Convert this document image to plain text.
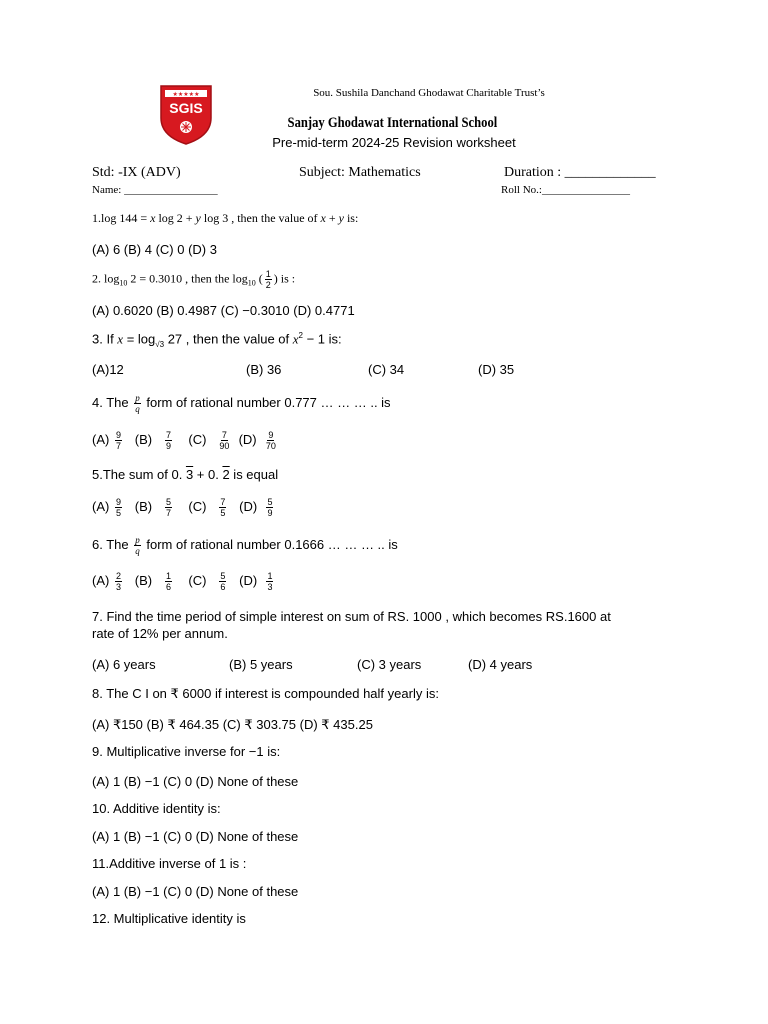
★★★★★
SGIS
Sou. Sushila Danchand Ghodawat Charitable Trust’s
Sanjay Ghodawat International School
Pre-mid-term 2024-25 Revision worksheet
Std: -IX (ADV)	Subject: Mathematics	Duration : _____________
Name: _________________	Roll No.:________________
1.log 144 = x log 2 + y log 3 , then the value of x + y is:
(A) 6 (B) 4 (C) 0 (D) 3
2. $\log_{10} 2 = 0.3010$ , then the $\log_{10}$ ( $\frac{1}{2}$ ) is :
(A) 0.6020 (B) 0.4987 (C) −0.3010 (D) 0.4771
3. If $x = \log_{√3} 27$ , then the value of $x^2 - 1$ is:
(A)12	(B) 36	(C) 34	(D) 35
4. The $\frac{p}{q}$ form of rational number 0.777 … … … .. is
$(A) \frac{9}{7} (B) \frac{7}{9} (C) \frac{7}{90} (D) \frac{9}{70}$
5.The sum of 0. 3 + 0. 2 is equal
$(A) \frac{9}{5} (B) \frac{5}{7} (C) \frac{7}{5} (D) \frac{5}{9}$
6. The $\frac{p}{q}$ form of rational number 0.1666 … … … .. is
$(A) \frac{2}{3} (B) \frac{1}{6} (C) \frac{5}{6} (D) \frac{1}{3}$
7. Find the time period of simple interest on sum of RS. 1000 , which becomes RS.1600 at
rate of 12% per annum.
(A) 6 years	(B) 5 years	(C) 3 years	(D) 4 years
8. The C I on ₹ 6000 if interest is compounded half yearly is:
(A) ₹150 (B) ₹ 464.35 (C) ₹ 303.75 (D) ₹ 435.25
9. Multiplicative inverse for −1 is:
(A) 1 (B) −1 (C) 0 (D) None of these
10. Additive identity is:
(A) 1 (B) −1 (C) 0 (D) None of these
11.Additive inverse of 1 is :
(A) 1 (B) −1 (C) 0 (D) None of these
12. Multiplicative identity is
